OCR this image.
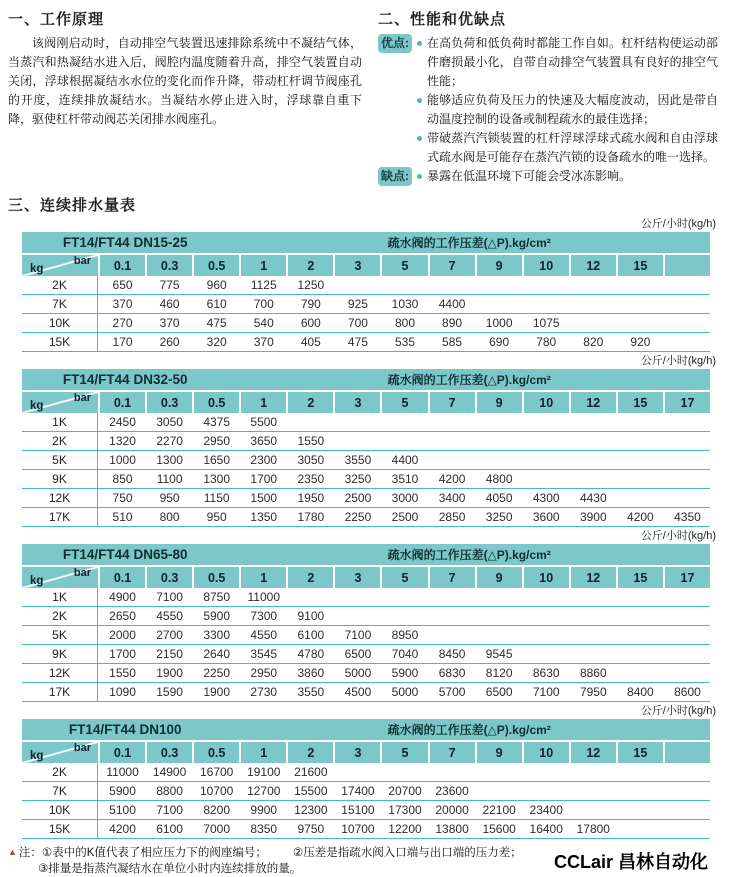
一、工作原理

该阀刚启动时，自动排空气装置迅速排除系统中不凝结气体，当蒸汽和热凝结水进入后，阀腔内温度随着升高，排空气装置自动关闭，浮球根据凝结水水位的变化而作升降，带动杠杆调节阀座孔的开度，连续排放凝结水。当凝结水停止进入时，浮球靠自重下降，驱使杠杆带动阀芯关闭排水阀座孔。

二、性能和优缺点
优点:	在高负荷和低负荷时都能工作自如。杠杆结构使运动部件磨损最小化，自带自动排空气装置具有良好的排空气性能；
能够适应负荷及压力的快速及大幅度波动，因此是带自动温度控制的设备或制程疏水的最佳选择；
带破蒸汽汽锁装置的杠杆浮球浮球式疏水阀和自由浮球式疏水阀是可能存在蒸汽汽锁的设备疏水的唯一选择。
缺点:	暴露在低温环境下可能会受冰冻影响。
三、连续排水量表
公斤/小时(kg/h)
FT14/FT44 DN15-25	疏水阀的工作压差(△P).kg/cm²
bar
kg	0.1	0.3	0.5	1	2	3	5	7	9	10	12	15
2K	650	775	960	1125	1250
7K	370	460	610	700	790	925	1030	4400
10K	270	370	475	540	600	700	800	890	1000	1075
15K	170	260	320	370	405	475	535	585	690	780	820	920
公斤/小时(kg/h)
FT14/FT44 DN32-50	疏水阀的工作压差(△P).kg/cm²
bar
kg	0.1	0.3	0.5	1	2	3	5	7	9	10	12	15	17
1K	2450	3050	4375	5500
2K	1320	2270	2950	3650	1550
5K	1000	1300	1650	2300	3050	3550	4400
9K	850	1100	1300	1700	2350	3250	3510	4200	4800
12K	750	950	1150	1500	1950	2500	3000	3400	4050	4300	4430
17K	510	800	950	1350	1780	2250	2500	2850	3250	3600	3900	4200	4350
公斤/小时(kg/h)
FT14/FT44 DN65-80	疏水阀的工作压差(△P).kg/cm²
bar
kg	0.1	0.3	0.5	1	2	3	5	7	9	10	12	15	17
1K	4900	7100	8750	11000
2K	2650	4550	5900	7300	9100
5K	2000	2700	3300	4550	6100	7100	8950
9K	1700	2150	2640	3545	4780	6500	7040	8450	9545
12K	1550	1900	2250	2950	3860	5000	5900	6830	8120	8630	8860
17K	1090	1590	1900	2730	3550	4500	5000	5700	6500	7100	7950	8400	8600
公斤/小时(kg/h)
FT14/FT44 DN100	疏水阀的工作压差(△P).kg/cm²
bar
kg	0.1	0.3	0.5	1	2	3	5	7	9	10	12	15
2K	11000	14900	16700	19100	21600
7K	5900	8800	10700	12700	15500	17400	20700	23600
10K	5100	7100	8200	9900	12300	15100	17300	20000	22100	23400
15K	4200	6100	7000	8350	9750	10700	12200	13800	15600	16400	17800
▲ 注：①表中的K值代表了相应压力下的阀座编号； ②压差是指疏水阀入口端与出口端的压力差；
③排量是指蒸汽凝结水在单位小时内连续排放的量。	CCLair 昌林自动化
